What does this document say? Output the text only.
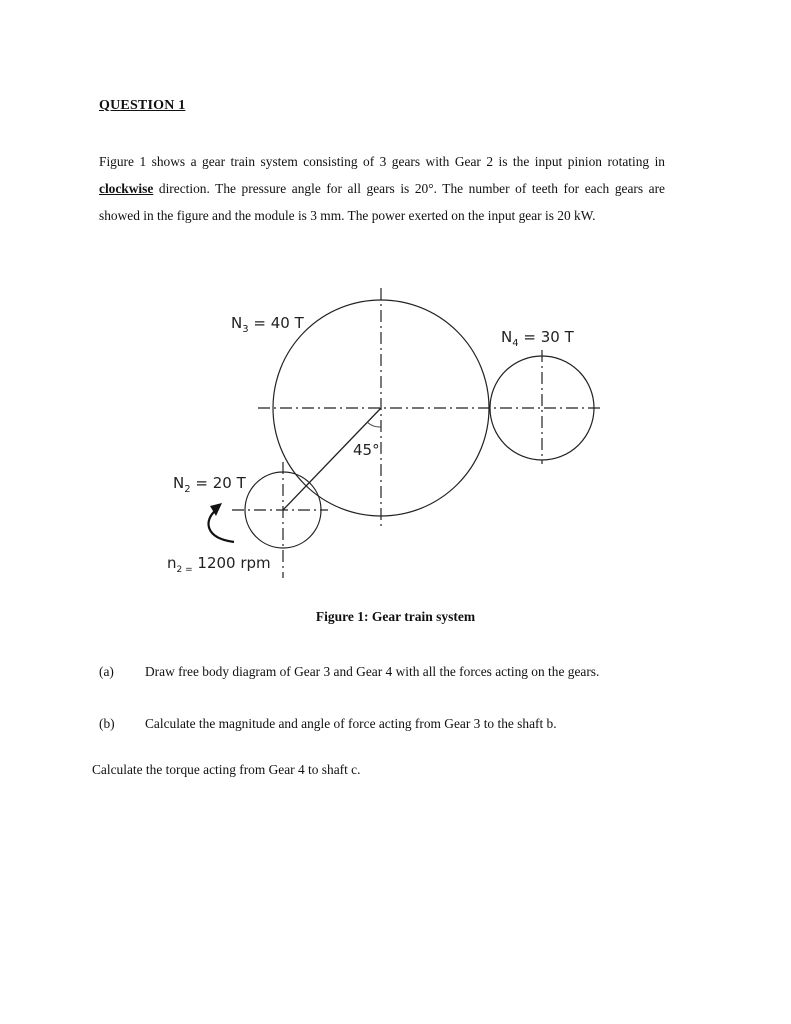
QUESTION 1
Figure 1 shows a gear train system consisting of 3 gears with Gear 2 is the input pinion rotating in clockwise direction. The pressure angle for all gears is 20°. The number of teeth for each gears are showed in the figure and the module is 3 mm. The power exerted on the input gear is 20 kW.
$N_3 = 40$ T
$N_4 = 30$ T
45°
$N_2 = 20$ T
$n_{2 =}$ 1200 rpm
Figure 1: Gear train system
(a) Draw free body diagram of Gear 3 and Gear 4 with all the forces acting on the gears.
(b) Calculate the magnitude and angle of force acting from Gear 3 to the shaft b.
Calculate the torque acting from Gear 4 to shaft c.
